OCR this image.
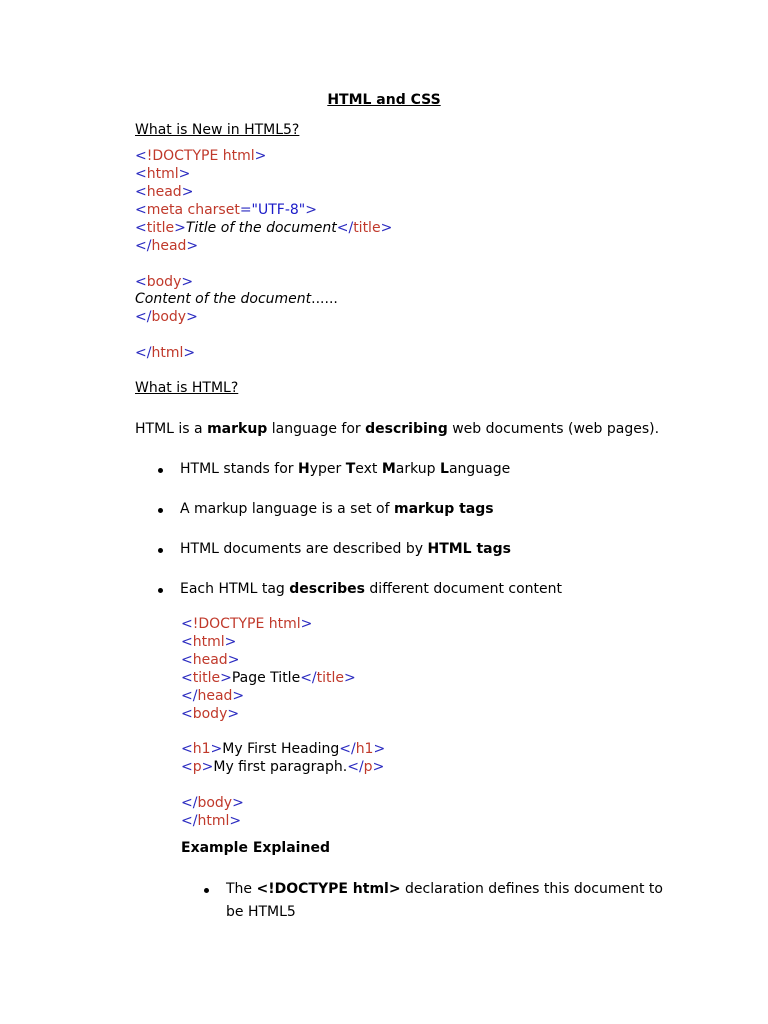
HTML and CSS
What is New in HTML5?
<!DOCTYPE html>
<html>
<head>
<meta charset="UTF-8">
<title>Title of the document</title>
</head>
<body>
Content of the document......
</body>
</html>
What is HTML?
HTML is a markup language for describing web documents (web pages).
HTML stands for Hyper Text Markup Language
A markup language is a set of markup tags
HTML documents are described by HTML tags
Each HTML tag describes different document content
<!DOCTYPE html>
<html>
<head>
<title>Page Title</title>
</head>
<body>
<h1>My First Heading</h1>
<p>My first paragraph.</p>
</body>
</html>
Example Explained
The <!DOCTYPE html> declaration defines this document to
be HTML5
